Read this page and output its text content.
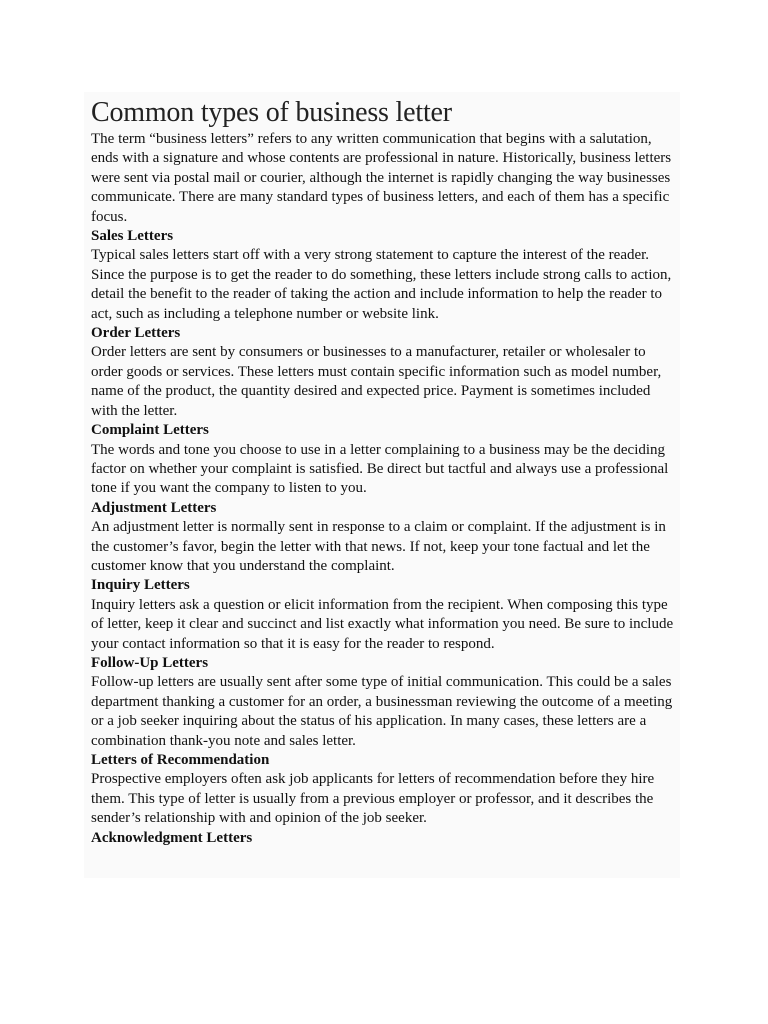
Common types of business letter

The term “business letters” refers to any written communication that begins with a salutation, ends with a signature and whose contents are professional in nature. Historically, business letters were sent via postal mail or courier, although the internet is rapidly changing the way businesses communicate. There are many standard types of business letters, and each of them has a specific focus.

Sales Letters

Typical sales letters start off with a very strong statement to capture the interest of the reader. Since the purpose is to get the reader to do something, these letters include strong calls to action, detail the benefit to the reader of taking the action and include information to help the reader to act, such as including a telephone number or website link.

Order Letters

Order letters are sent by consumers or businesses to a manufacturer, retailer or wholesaler to order goods or services. These letters must contain specific information such as model number, name of the product, the quantity desired and expected price. Payment is sometimes included with the letter.

Complaint Letters

The words and tone you choose to use in a letter complaining to a business may be the deciding factor on whether your complaint is satisfied. Be direct but tactful and always use a professional tone if you want the company to listen to you.

Adjustment Letters

An adjustment letter is normally sent in response to a claim or complaint. If the adjustment is in the customer’s favor, begin the letter with that news. If not, keep your tone factual and let the customer know that you understand the complaint.

Inquiry Letters

Inquiry letters ask a question or elicit information from the recipient. When composing this type of letter, keep it clear and succinct and list exactly what information you need. Be sure to include your contact information so that it is easy for the reader to respond.

Follow-Up Letters

Follow-up letters are usually sent after some type of initial communication. This could be a sales department thanking a customer for an order, a businessman reviewing the outcome of a meeting or a job seeker inquiring about the status of his application. In many cases, these letters are a combination thank-you note and sales letter.

Letters of Recommendation

Prospective employers often ask job applicants for letters of recommendation before they hire them. This type of letter is usually from a previous employer or professor, and it describes the sender’s relationship with and opinion of the job seeker.

Acknowledgment Letters
